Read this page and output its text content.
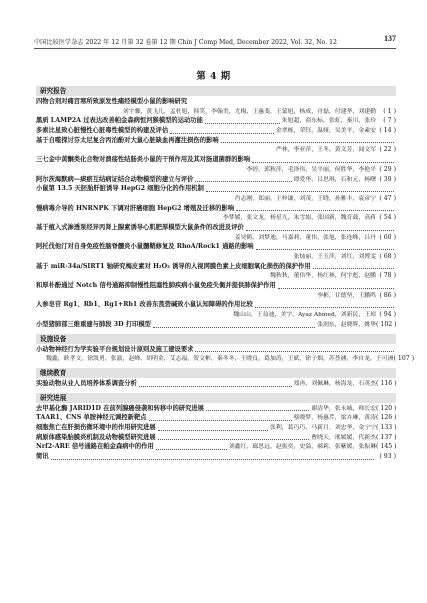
中国比较医学杂志 2022 年 12 月第 32 卷第 12 期 Chin J Comp Med, December 2022, Vol. 32, No. 12	137
第 4 期
研究报告
四物合剂对痛宫寒所致原发性痛经模型小鼠的影响研究
刘宇馨，黄飞儿，孟杜旭，韩笑，李翰美，尤梅，王惠斐，王蒙旭，杨成，舟磊，付建华，刘建勤	( 1 )
黑质 LAMP2A 过表达改善帕金森病恒河猴模型的运动功能	朱旭超，商东标，张虹，秦川，张玲	( 7 )
多索比星致心脏慢性心脏毒性模型的构建及评估	金翠栋，荣钰，温娅，吴美平，金素安 ( 14 )
基于自噬探讨芬太尼复合丙泊酚对大鼠心脏缺血再灌注损伤的影响
严林，李亚萍，王冬，黄文芳，闻文军 ( 22 )
三七金中黄酮类化合物对溃疡性结肠炎小鼠的干预作用及其对肠道菌群的影响
李婷，郭秋萍，毛泽伟，吴平丽，何胜华，李艳平 ( 29 )
阿尔茨海默病—痰瘀互结病证结合动物模型的建立与评价	谭爱华，吕思琪，石和元，杨曙 ( 39 )
小鼠第 13.5 天胚胎肝脏诱导 HepG2 细胞分化的作用机制
肖志刚，郑丽，王梓谦，刘茂，王晓，孙雅丰，袁彦宁 ( 47 )
慢病毒介导的 HNRNPK 下调对肝癌细胞 HepG2 增殖及迁移的影响
李梦媛，张文龙，杨星九，朱雪娟，张国新，魏育载，高蒋 ( 54 )
基于植入式渗透泵经异丙肾上腺素诱导心肌肥厚模型大鼠条件的改进及评价
姜昊鹤，刘梦迪，马嘉莉，董伟，张旭，张连峰，吕丹 ( 60 )
阿托伐他汀对自身免疫性脑脊髓炎小鼠髓鞘修复及 RhoA/Rock1 通路的影响
张灿丽，王玉萍，刘红，刘博雯 ( 68 )
基于 miR-34a/SIRT1 轴研究梅皮素对 H₂O₂ 诱导的人视网膜色素上皮细胞氧化损伤的保护作用
魏秋秋，董伟华，杨红林，何宇彪，赵鹏 ( 78 )
和厚朴酚通过 Notch 信号通路抑制慢性阻塞性肺疾病小鼠免疫失衡并提供肺保护作用
李彬，甘德坚，王鹏鸣 ( 86 )
人参皂苷 Rg1、Rb1、Rg1+Rb1 改善东莨菪碱致小鼠认知障碍的作用比较
魏山山，王益迪，美宇，Ayaz Ahmed，刘新民，王琼 ( 94 )
小型猪肺部三维重建与肺段 3D 打印模型	张润东，赵晓晖，姚华 ( 102 )
设施设备
小动物神经行为学实验平台规划设计原则及施工建设要求
魏鑫，耿孝文，徐凯勇，张渝，赵峰，胡明金，艾志福，贺文彬，秦冬冬，王晓良，葛加涛，王斌，徐子烟，苏荟涵，李自龙，王可洲 ( 107 )
继续教育
实验动物从业人员培养体系调查分析	郑冉，刘佩琳，杨海龙，石英杰 ( 116 )
研究进展
去甲基化酶 JARID1D 在前列腺癌侵袭和转移中的研究进展	谢清华，张永城，师长宏 ( 120 )
TAAR1、CNS 单胺神经元调控新靶点	蔡晓梦，杨惠芹，梁卉琳，黄涛 ( 126 )
细胞焦亡在肝损伤微环境中的作用研究进展	张利，葛巧巧，马新月，刘忠华，金宁宁 ( 133 )
病原体感染胎膜炎机制及动物模型研究进展	曹晓天，邢媛媛，代新杰 ( 137 )
Nrf2-ARE 信号通路在帕金森病中的作用	刘鑫红，廊思远，赵振奕，史溢，郝莉，张紫媛，张振琳 ( 145 )
简讯	( 93 )
